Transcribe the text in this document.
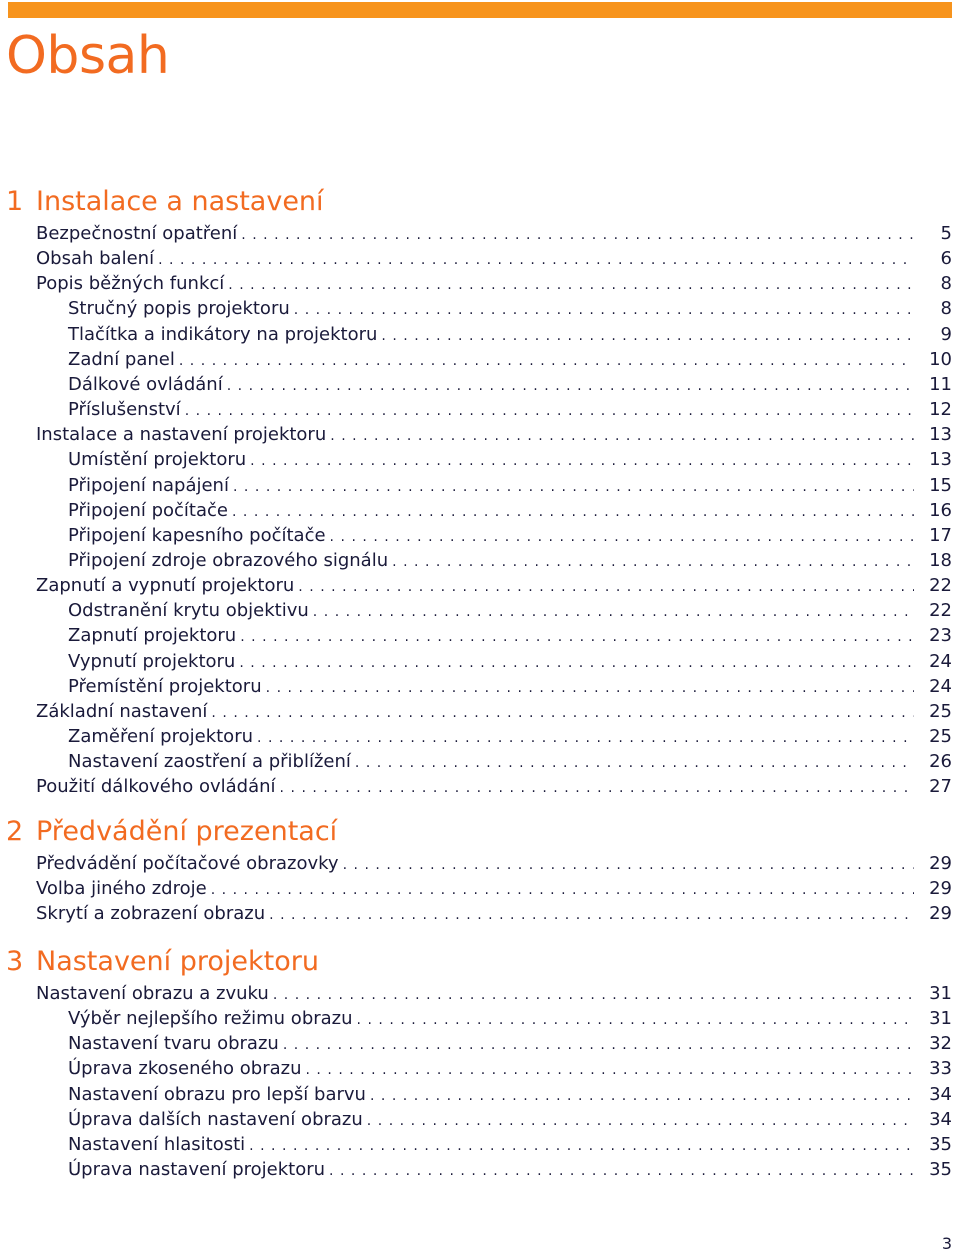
Obsah
1 Instalace a nastavení
Bezpečnostní opatření .....	5
Obsah balení .....	6
Popis běžných funkcí .....	8
Stručný popis projektoru .....	8
Tlačítka a indikátory na projektoru .....	9
Zadní panel .....	10
Dálkové ovládání .....	11
Příslušenství .....	12
Instalace a nastavení projektoru .....	13
Umístění projektoru .....	13
Připojení napájení .....	15
Připojení počítače .....	16
Připojení kapesního počítače .....	17
Připojení zdroje obrazového signálu .....	18
Zapnutí a vypnutí projektoru .....	22
Odstranění krytu objektivu .....	22
Zapnutí projektoru .....	23
Vypnutí projektoru .....	24
Přemístění projektoru .....	24
Základní nastavení .....	25
Zaměření projektoru .....	25
Nastavení zaostření a přiblížení .....	26
Použití dálkového ovládání .....	27
2 Předvádění prezentací
Předvádění počítačové obrazovky .....	29
Volba jiného zdroje .....	29
Skrytí a zobrazení obrazu .....	29
3 Nastavení projektoru
Nastavení obrazu a zvuku .....	31
Výběr nejlepšího režimu obrazu .....	31
Nastavení tvaru obrazu .....	32
Úprava zkoseného obrazu .....	33
Nastavení obrazu pro lepší barvu .....	34
Úprava dalších nastavení obrazu .....	34
Nastavení hlasitosti .....	35
Úprava nastavení projektoru .....	35
3
